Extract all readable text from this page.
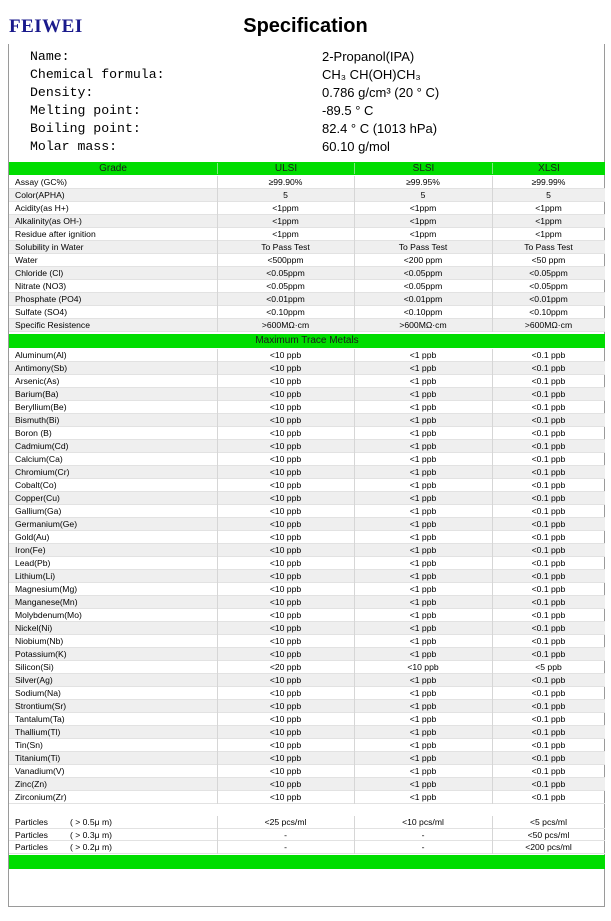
FEIWEI	Specification
Name:	2-Propanol(IPA)
Chemical formula:	CH₃ CH(OH)CH₃
Density:	0.786 g/cm³ (20 ° C)
Melting point:	-89.5 ° C
Boiling point:	82.4 ° C (1013 hPa)
Molar mass:	60.10 g/mol
Grade	ULSI	SLSI	XLSI
Assay (GC%)	≥99.90%	≥99.95%	≥99.99%
Color(APHA)	5	5	5
Acidity(as H+)	<1ppm	<1ppm	<1ppm
Alkalinity(as OH-)	<1ppm	<1ppm	<1ppm
Residue after ignition	<1ppm	<1ppm	<1ppm
Solubility in Water	To Pass Test	To Pass Test	To Pass Test
Water	<500ppm	<200 ppm	<50 ppm
Chloride (Cl)	<0.05ppm	<0.05ppm	<0.05ppm
Nitrate (NO3)	<0.05ppm	<0.05ppm	<0.05ppm
Phosphate (PO4)	<0.01ppm	<0.01ppm	<0.01ppm
Sulfate (SO4)	<0.10ppm	<0.10ppm	<0.10ppm
Specific Resistence	>600MΩ·cm	>600MΩ·cm	>600MΩ·cm
Maximum Trace Metals
Aluminum(Al)	<10 ppb	<1 ppb	<0.1 ppb
Antimony(Sb)	<10 ppb	<1 ppb	<0.1 ppb
Arsenic(As)	<10 ppb	<1 ppb	<0.1 ppb
Barium(Ba)	<10 ppb	<1 ppb	<0.1 ppb
Beryllium(Be)	<10 ppb	<1 ppb	<0.1 ppb
Bismuth(Bi)	<10 ppb	<1 ppb	<0.1 ppb
Boron (B)	<10 ppb	<1 ppb	<0.1 ppb
Cadmium(Cd)	<10 ppb	<1 ppb	<0.1 ppb
Calcium(Ca)	<10 ppb	<1 ppb	<0.1 ppb
Chromium(Cr)	<10 ppb	<1 ppb	<0.1 ppb
Cobalt(Co)	<10 ppb	<1 ppb	<0.1 ppb
Copper(Cu)	<10 ppb	<1 ppb	<0.1 ppb
Gallium(Ga)	<10 ppb	<1 ppb	<0.1 ppb
Germanium(Ge)	<10 ppb	<1 ppb	<0.1 ppb
Gold(Au)	<10 ppb	<1 ppb	<0.1 ppb
Iron(Fe)	<10 ppb	<1 ppb	<0.1 ppb
Lead(Pb)	<10 ppb	<1 ppb	<0.1 ppb
Lithium(Li)	<10 ppb	<1 ppb	<0.1 ppb
Magnesium(Mg)	<10 ppb	<1 ppb	<0.1 ppb
Manganese(Mn)	<10 ppb	<1 ppb	<0.1 ppb
Molybdenum(Mo)	<10 ppb	<1 ppb	<0.1 ppb
Nickel(Ni)	<10 ppb	<1 ppb	<0.1 ppb
Niobium(Nb)	<10 ppb	<1 ppb	<0.1 ppb
Potassium(K)	<10 ppb	<1 ppb	<0.1 ppb
Silicon(Si)	<20 ppb	<10 ppb	<5 ppb
Silver(Ag)	<10 ppb	<1 ppb	<0.1 ppb
Sodium(Na)	<10 ppb	<1 ppb	<0.1 ppb
Strontium(Sr)	<10 ppb	<1 ppb	<0.1 ppb
Tantalum(Ta)	<10 ppb	<1 ppb	<0.1 ppb
Thallium(Tl)	<10 ppb	<1 ppb	<0.1 ppb
Tin(Sn)	<10 ppb	<1 ppb	<0.1 ppb
Titanium(Ti)	<10 ppb	<1 ppb	<0.1 ppb
Vanadium(V)	<10 ppb	<1 ppb	<0.1 ppb
Zinc(Zn)	<10 ppb	<1 ppb	<0.1 ppb
Zirconium(Zr)	<10 ppb	<1 ppb	<0.1 ppb
Particles	( > 0.5μ m)	<25 pcs/ml	<10 pcs/ml	<5 pcs/ml
Particles	( > 0.3μ m)	-	-	<50 pcs/ml
Particles	( > 0.2μ m)	-	-	<200 pcs/ml
